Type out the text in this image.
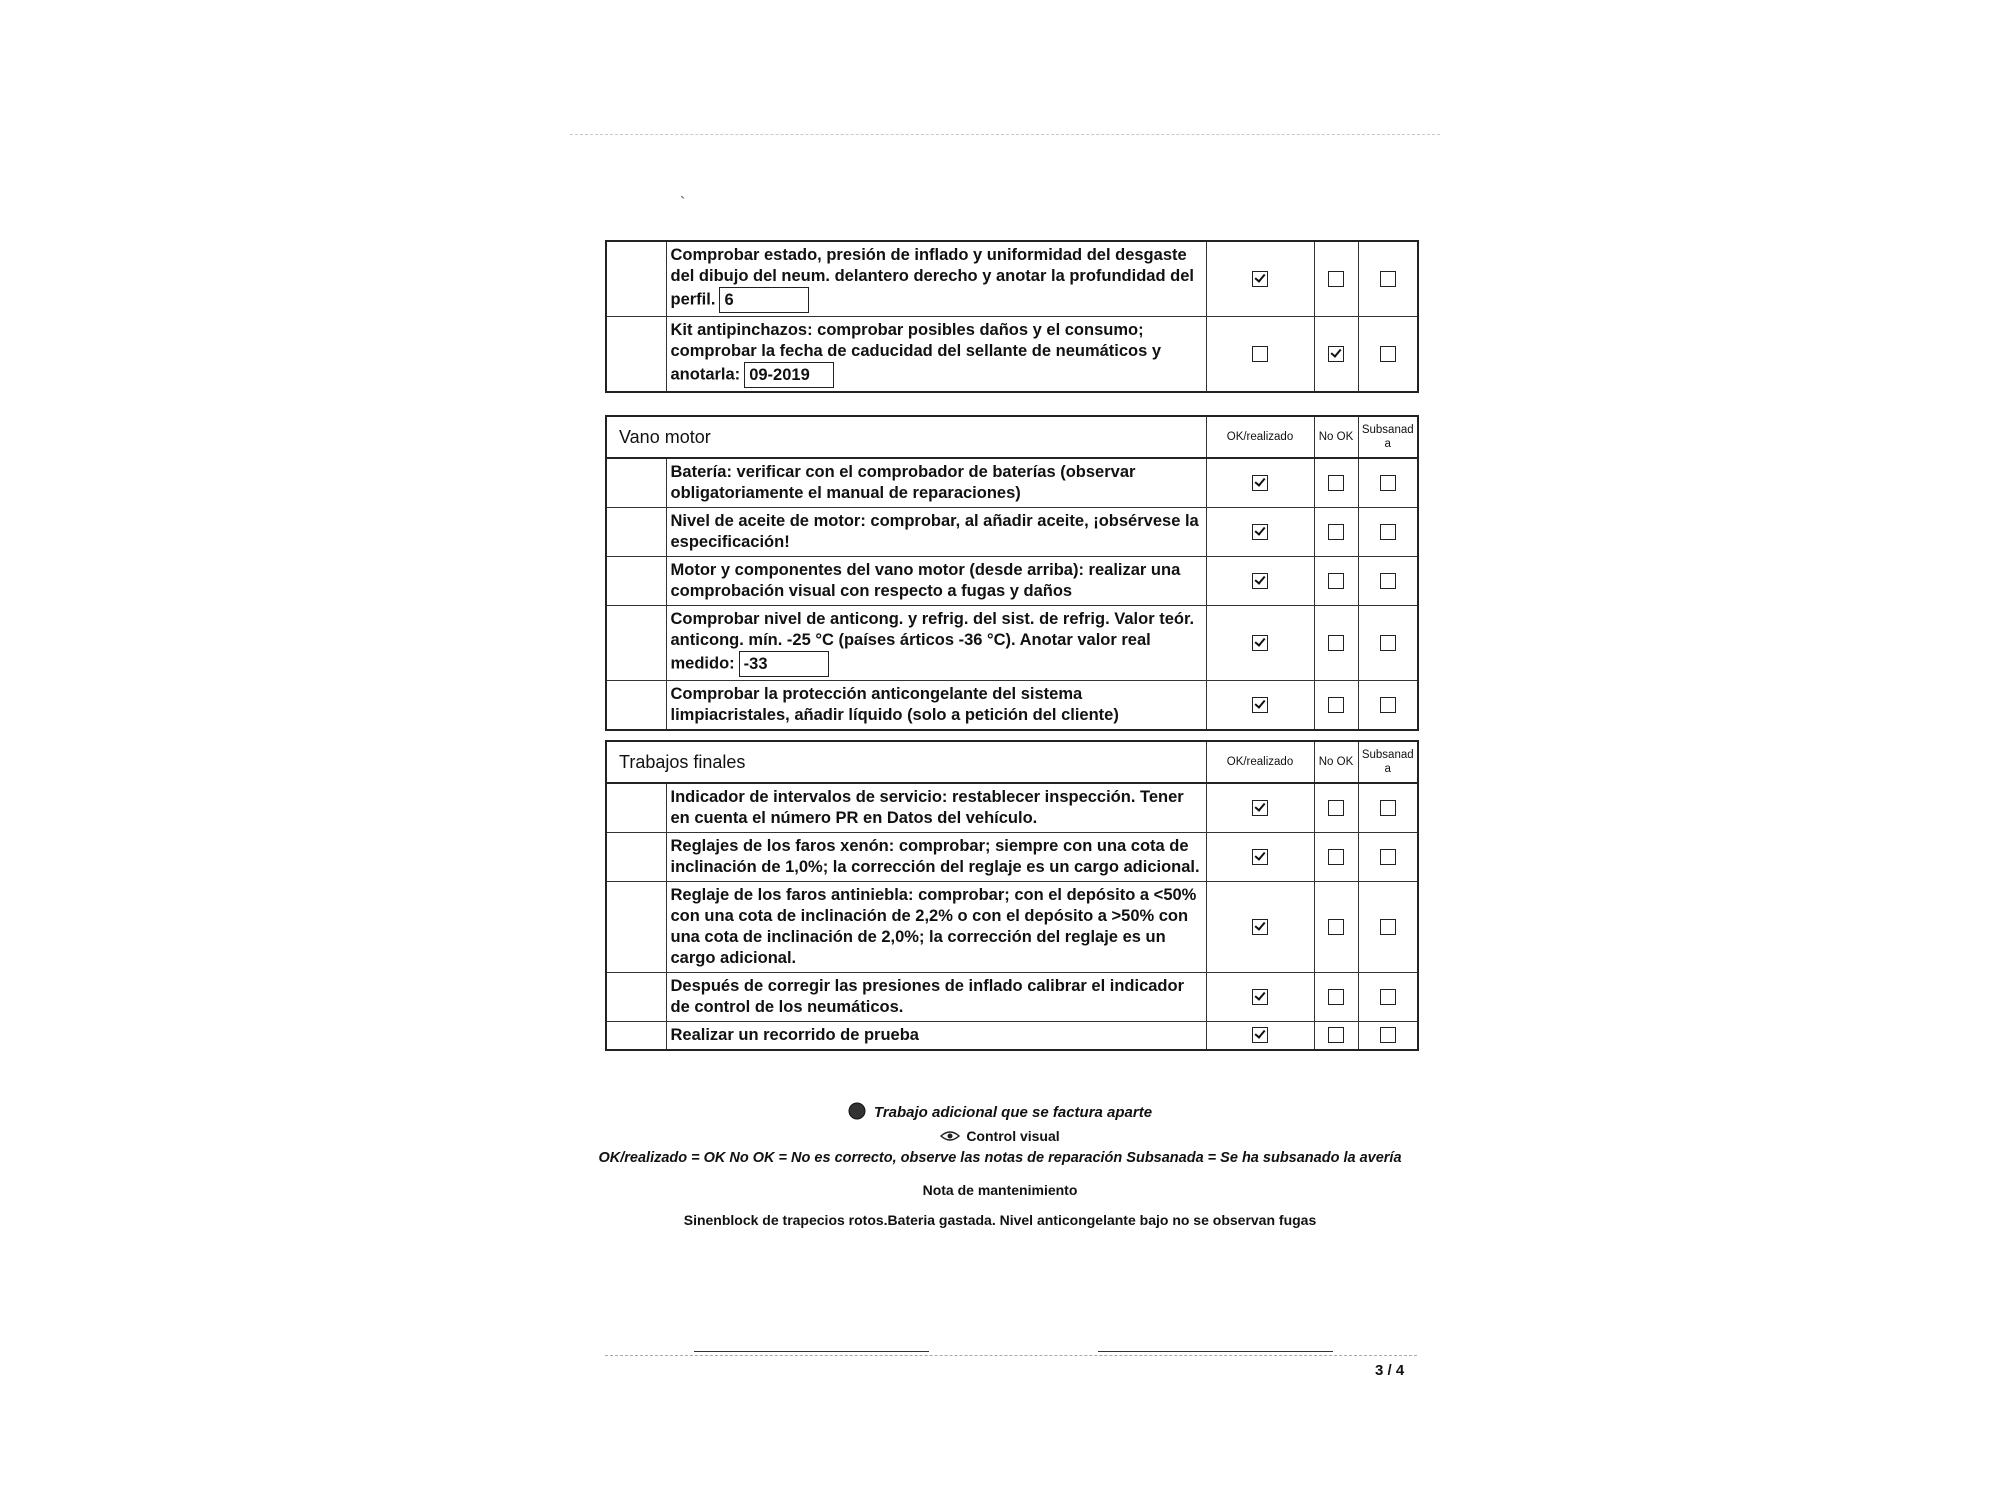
`
	Comprobar estado, presión de inflado y uniformidad del desgaste del dibujo del neum. delantero derecho y anotar la profundidad del perfil. 6			
	Kit antipinchazos: comprobar posibles daños y el consumo; comprobar la fecha de caducidad del sellante de neumáticos y anotarla: 09-2019			
Vano motor		OK/realizado	No OK	Subsanad a
	Batería: verificar con el comprobador de baterías (observar obligatoriamente el manual de reparaciones)			
	Nivel de aceite de motor: comprobar, al añadir aceite, ¡obsérvese la especificación!			
	Motor y componentes del vano motor (desde arriba): realizar una comprobación visual con respecto a fugas y daños			
	Comprobar nivel de anticong. y refrig. del sist. de refrig. Valor teór. anticong. mín. -25 °C (países árticos -36 °C). Anotar valor real medido: -33			
	Comprobar la protección anticongelante del sistema limpiacristales, añadir líquido (solo a petición del cliente)			
Trabajos finales		OK/realizado	No OK	Subsanad a
	Indicador de intervalos de servicio: restablecer inspección. Tener en cuenta el número PR en Datos del vehículo.			
	Reglajes de los faros xenón: comprobar; siempre con una cota de inclinación de 1,0%; la corrección del reglaje es un cargo adicional.			
	Reglaje de los faros antiniebla: comprobar; con el depósito a <50% con una cota de inclinación de 2,2% o con el depósito a >50% con una cota de inclinación de 2,0%; la corrección del reglaje es un cargo adicional.			
	Después de corregir las presiones de inflado calibrar el indicador de control de los neumáticos.			
	Realizar un recorrido de prueba			
Trabajo adicional que se factura aparte
Control visual
OK/realizado = OK No OK = No es correcto, observe las notas de reparación Subsanada = Se ha subsanado la avería
Nota de mantenimiento
Sinenblock de trapecios rotos.Bateria gastada. Nivel anticongelante bajo no se observan fugas
3 / 4
